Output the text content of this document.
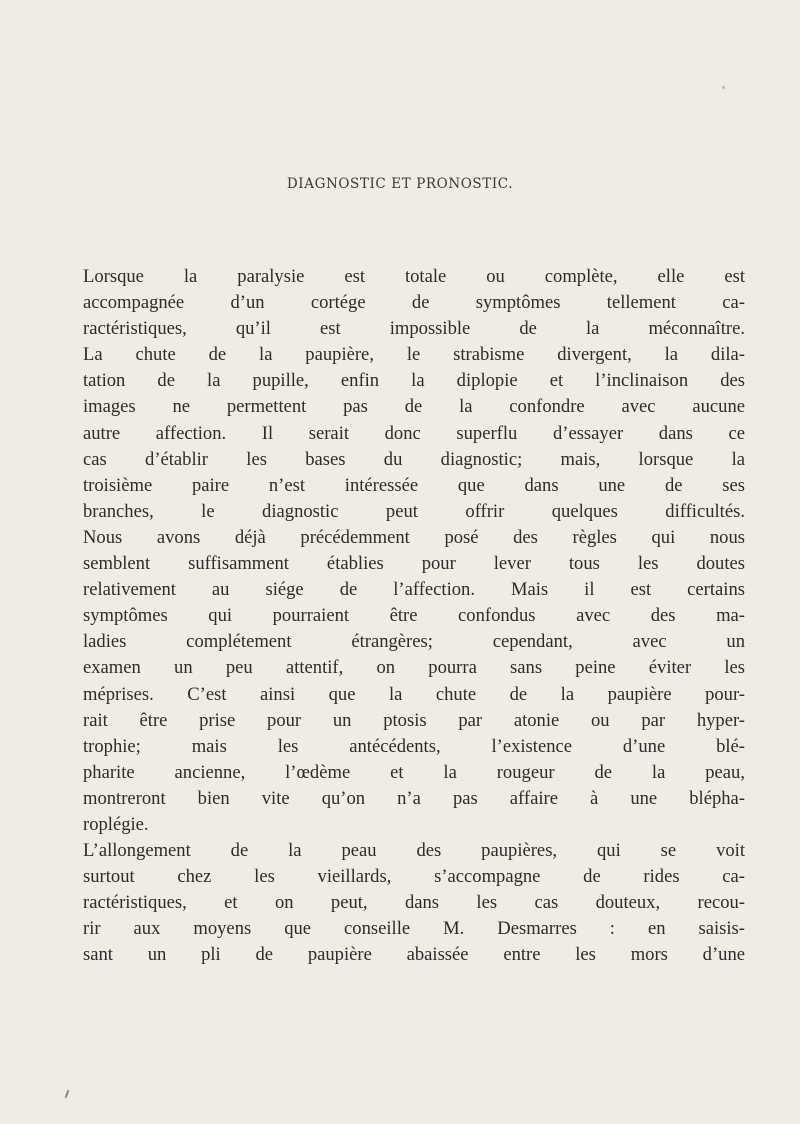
DIAGNOSTIC ET PRONOSTIC.
Lorsque la paralysie est totale ou complète, elle est
accompagnée d’un cortége de symptômes tellement ca-
ractéristiques, qu’il est impossible de la méconnaître.
La chute de la paupière, le strabisme divergent, la dila-
tation de la pupille, enfin la diplopie et l’inclinaison des
images ne permettent pas de la confondre avec aucune
autre affection. Il serait donc superflu d’essayer dans ce
cas d’établir les bases du diagnostic; mais, lorsque la
troisième paire n’est intéressée que dans une de ses
branches, le diagnostic peut offrir quelques difficultés.
Nous avons déjà précédemment posé des règles qui nous
semblent suffisamment établies pour lever tous les doutes
relativement au siége de l’affection. Mais il est certains
symptômes qui pourraient être confondus avec des ma-
ladies complétement étrangères; cependant, avec un
examen un peu attentif, on pourra sans peine éviter les
méprises. C’est ainsi que la chute de la paupière pour-
rait être prise pour un ptosis par atonie ou par hyper-
trophie; mais les antécédents, l’existence d’une blé-
pharite ancienne, l’œdème et la rougeur de la peau,
montreront bien vite qu’on n’a pas affaire à une blépha-
roplégie.
L’allongement de la peau des paupières, qui se voit
surtout chez les vieillards, s’accompagne de rides ca-
ractéristiques, et on peut, dans les cas douteux, recou-
rir aux moyens que conseille M. Desmarres : en saisis-
sant un pli de paupière abaissée entre les mors d’une
